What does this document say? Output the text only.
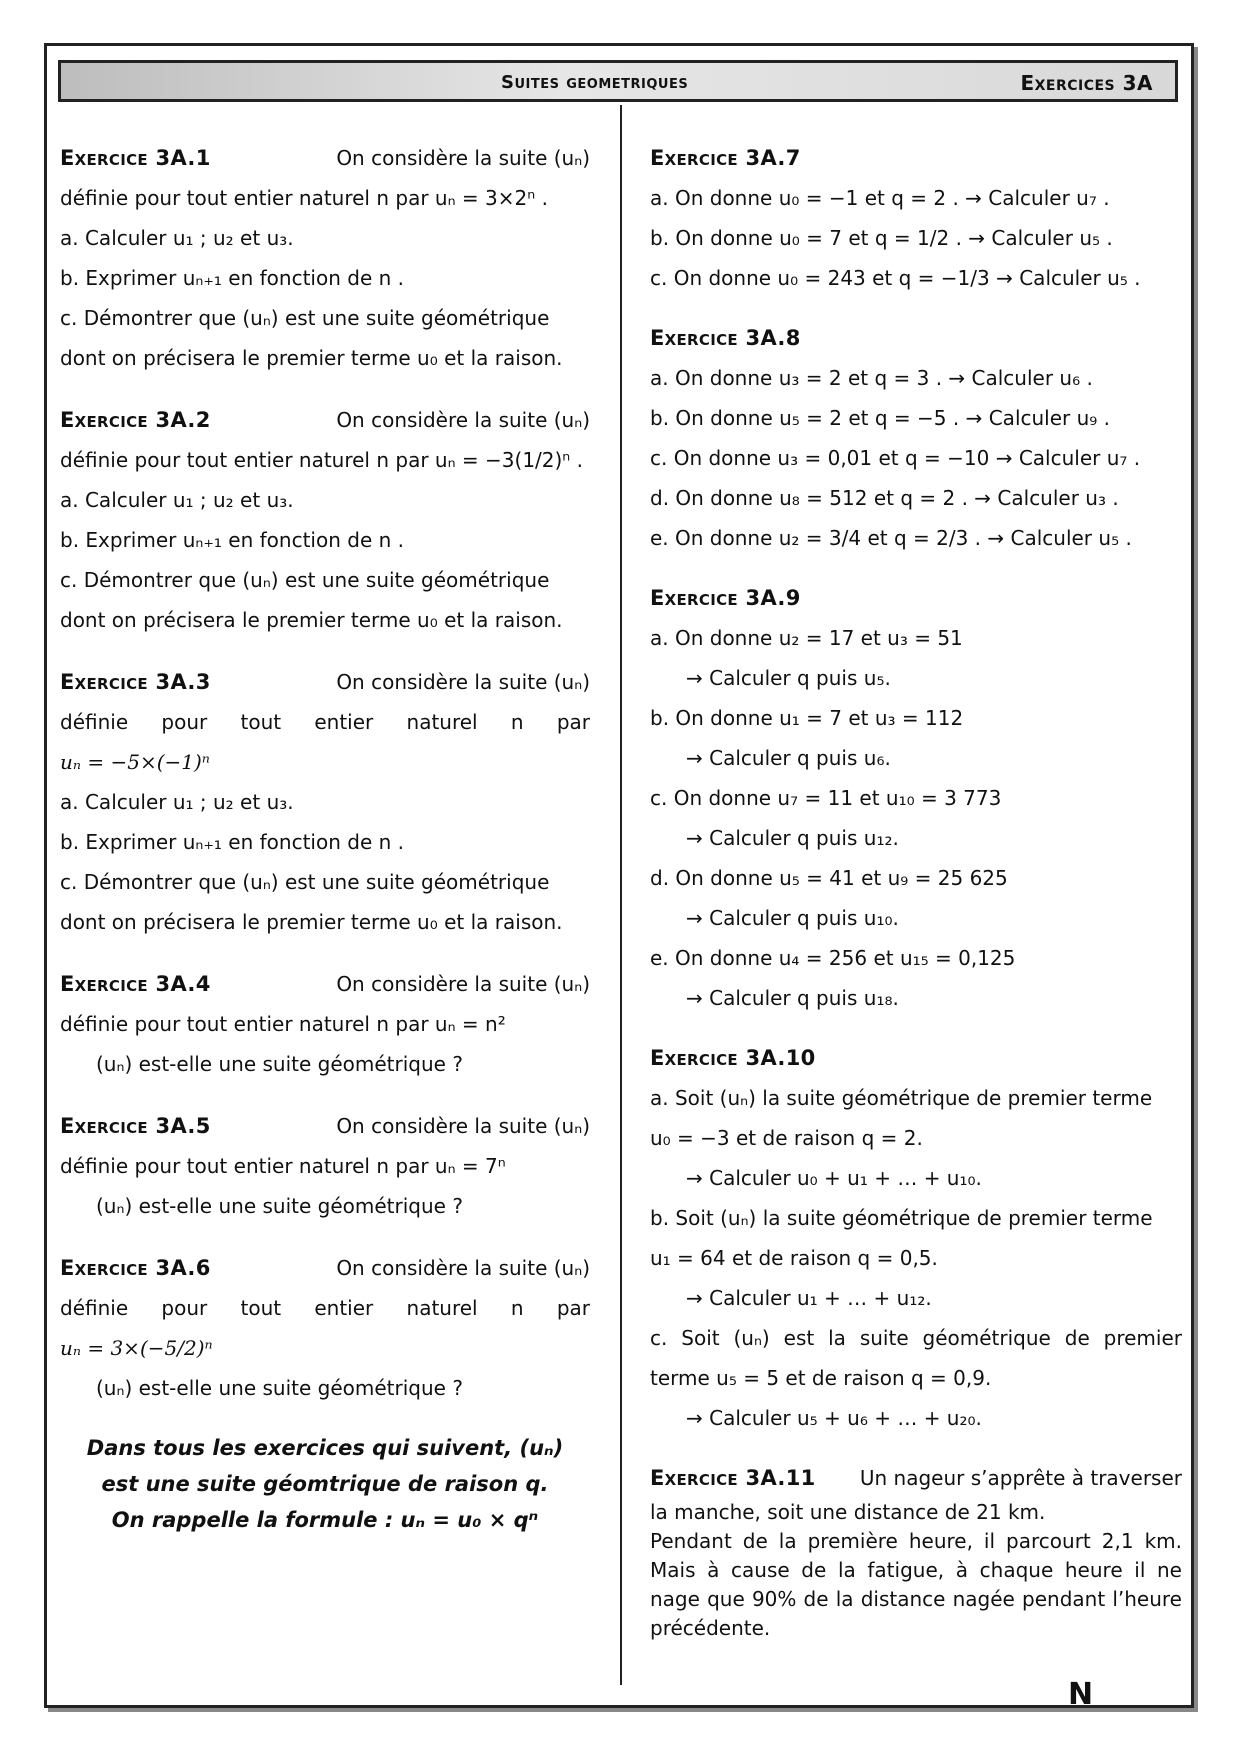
Suites geometriques	Exercices 3A
Exercice 3A.1	On considère la suite (uₙ)

définie pour tout entier naturel n par uₙ = 3×2ⁿ .

a. Calculer u₁ ; u₂ et u₃.

b. Exprimer uₙ₊₁ en fonction de n .

c. Démontrer que (uₙ) est une suite géométrique

dont on précisera le premier terme u₀ et la raison.

Exercice 3A.2	On considère la suite (uₙ)

définie pour tout entier naturel n par uₙ = −3(1/2)ⁿ .

a. Calculer u₁ ; u₂ et u₃.

b. Exprimer uₙ₊₁ en fonction de n .

c. Démontrer que (uₙ) est une suite géométrique

dont on précisera le premier terme u₀ et la raison.

Exercice 3A.3	On considère la suite (uₙ)

définie pour tout entier naturel n par

uₙ = −5×(−1)ⁿ

a. Calculer u₁ ; u₂ et u₃.

b. Exprimer uₙ₊₁ en fonction de n .

c. Démontrer que (uₙ) est une suite géométrique

dont on précisera le premier terme u₀ et la raison.

Exercice 3A.4	On considère la suite (uₙ)

définie pour tout entier naturel n par uₙ = n²

(uₙ) est-elle une suite géométrique ?

Exercice 3A.5	On considère la suite (uₙ)

définie pour tout entier naturel n par uₙ = 7ⁿ

(uₙ) est-elle une suite géométrique ?

Exercice 3A.6	On considère la suite (uₙ)

définie pour tout entier naturel n par

uₙ = 3×(−5/2)ⁿ

(uₙ) est-elle une suite géométrique ?

Dans tous les exercices qui suivent, (uₙ)

est une suite géomtrique de raison q.

On rappelle la formule : uₙ = u₀ × qⁿ

Exercice 3A.7

a. On donne u₀ = −1 et q = 2 . → Calculer u₇ .

b. On donne u₀ = 7 et q = 1/2 . → Calculer u₅ .

c. On donne u₀ = 243 et q = −1/3 → Calculer u₅ .

Exercice 3A.8

a. On donne u₃ = 2 et q = 3 . → Calculer u₆ .

b. On donne u₅ = 2 et q = −5 . → Calculer u₉ .

c. On donne u₃ = 0,01 et q = −10 → Calculer u₇ .

d. On donne u₈ = 512 et q = 2 . → Calculer u₃ .

e. On donne u₂ = 3/4 et q = 2/3 . → Calculer u₅ .

Exercice 3A.9

a. On donne u₂ = 17 et u₃ = 51

→ Calculer q puis u₅.

b. On donne u₁ = 7 et u₃ = 112

→ Calculer q puis u₆.

c. On donne u₇ = 11 et u₁₀ = 3 773

→ Calculer q puis u₁₂.

d. On donne u₅ = 41 et u₉ = 25 625

→ Calculer q puis u₁₀.

e. On donne u₄ = 256 et u₁₅ = 0,125

→ Calculer q puis u₁₈.

Exercice 3A.10

a. Soit (uₙ) la suite géométrique de premier terme

u₀ = −3 et de raison q = 2.

→ Calculer u₀ + u₁ + … + u₁₀.

b. Soit (uₙ) la suite géométrique de premier terme

u₁ = 64 et de raison q = 0,5.

→ Calculer u₁ + … + u₁₂.

c. Soit (uₙ) est la suite géométrique de premier

terme u₅ = 5 et de raison q = 0,9.

→ Calculer u₅ + u₆ + … + u₂₀.

Exercice 3A.11 Un nageur s’apprête à traverser

la manche, soit une distance de 21 km.

Pendant de la première heure, il parcourt 2,1 km.

Mais à cause de la fatigue, à chaque heure il ne

nage que 90% de la distance nagée pendant l’heure

précédente.

N
